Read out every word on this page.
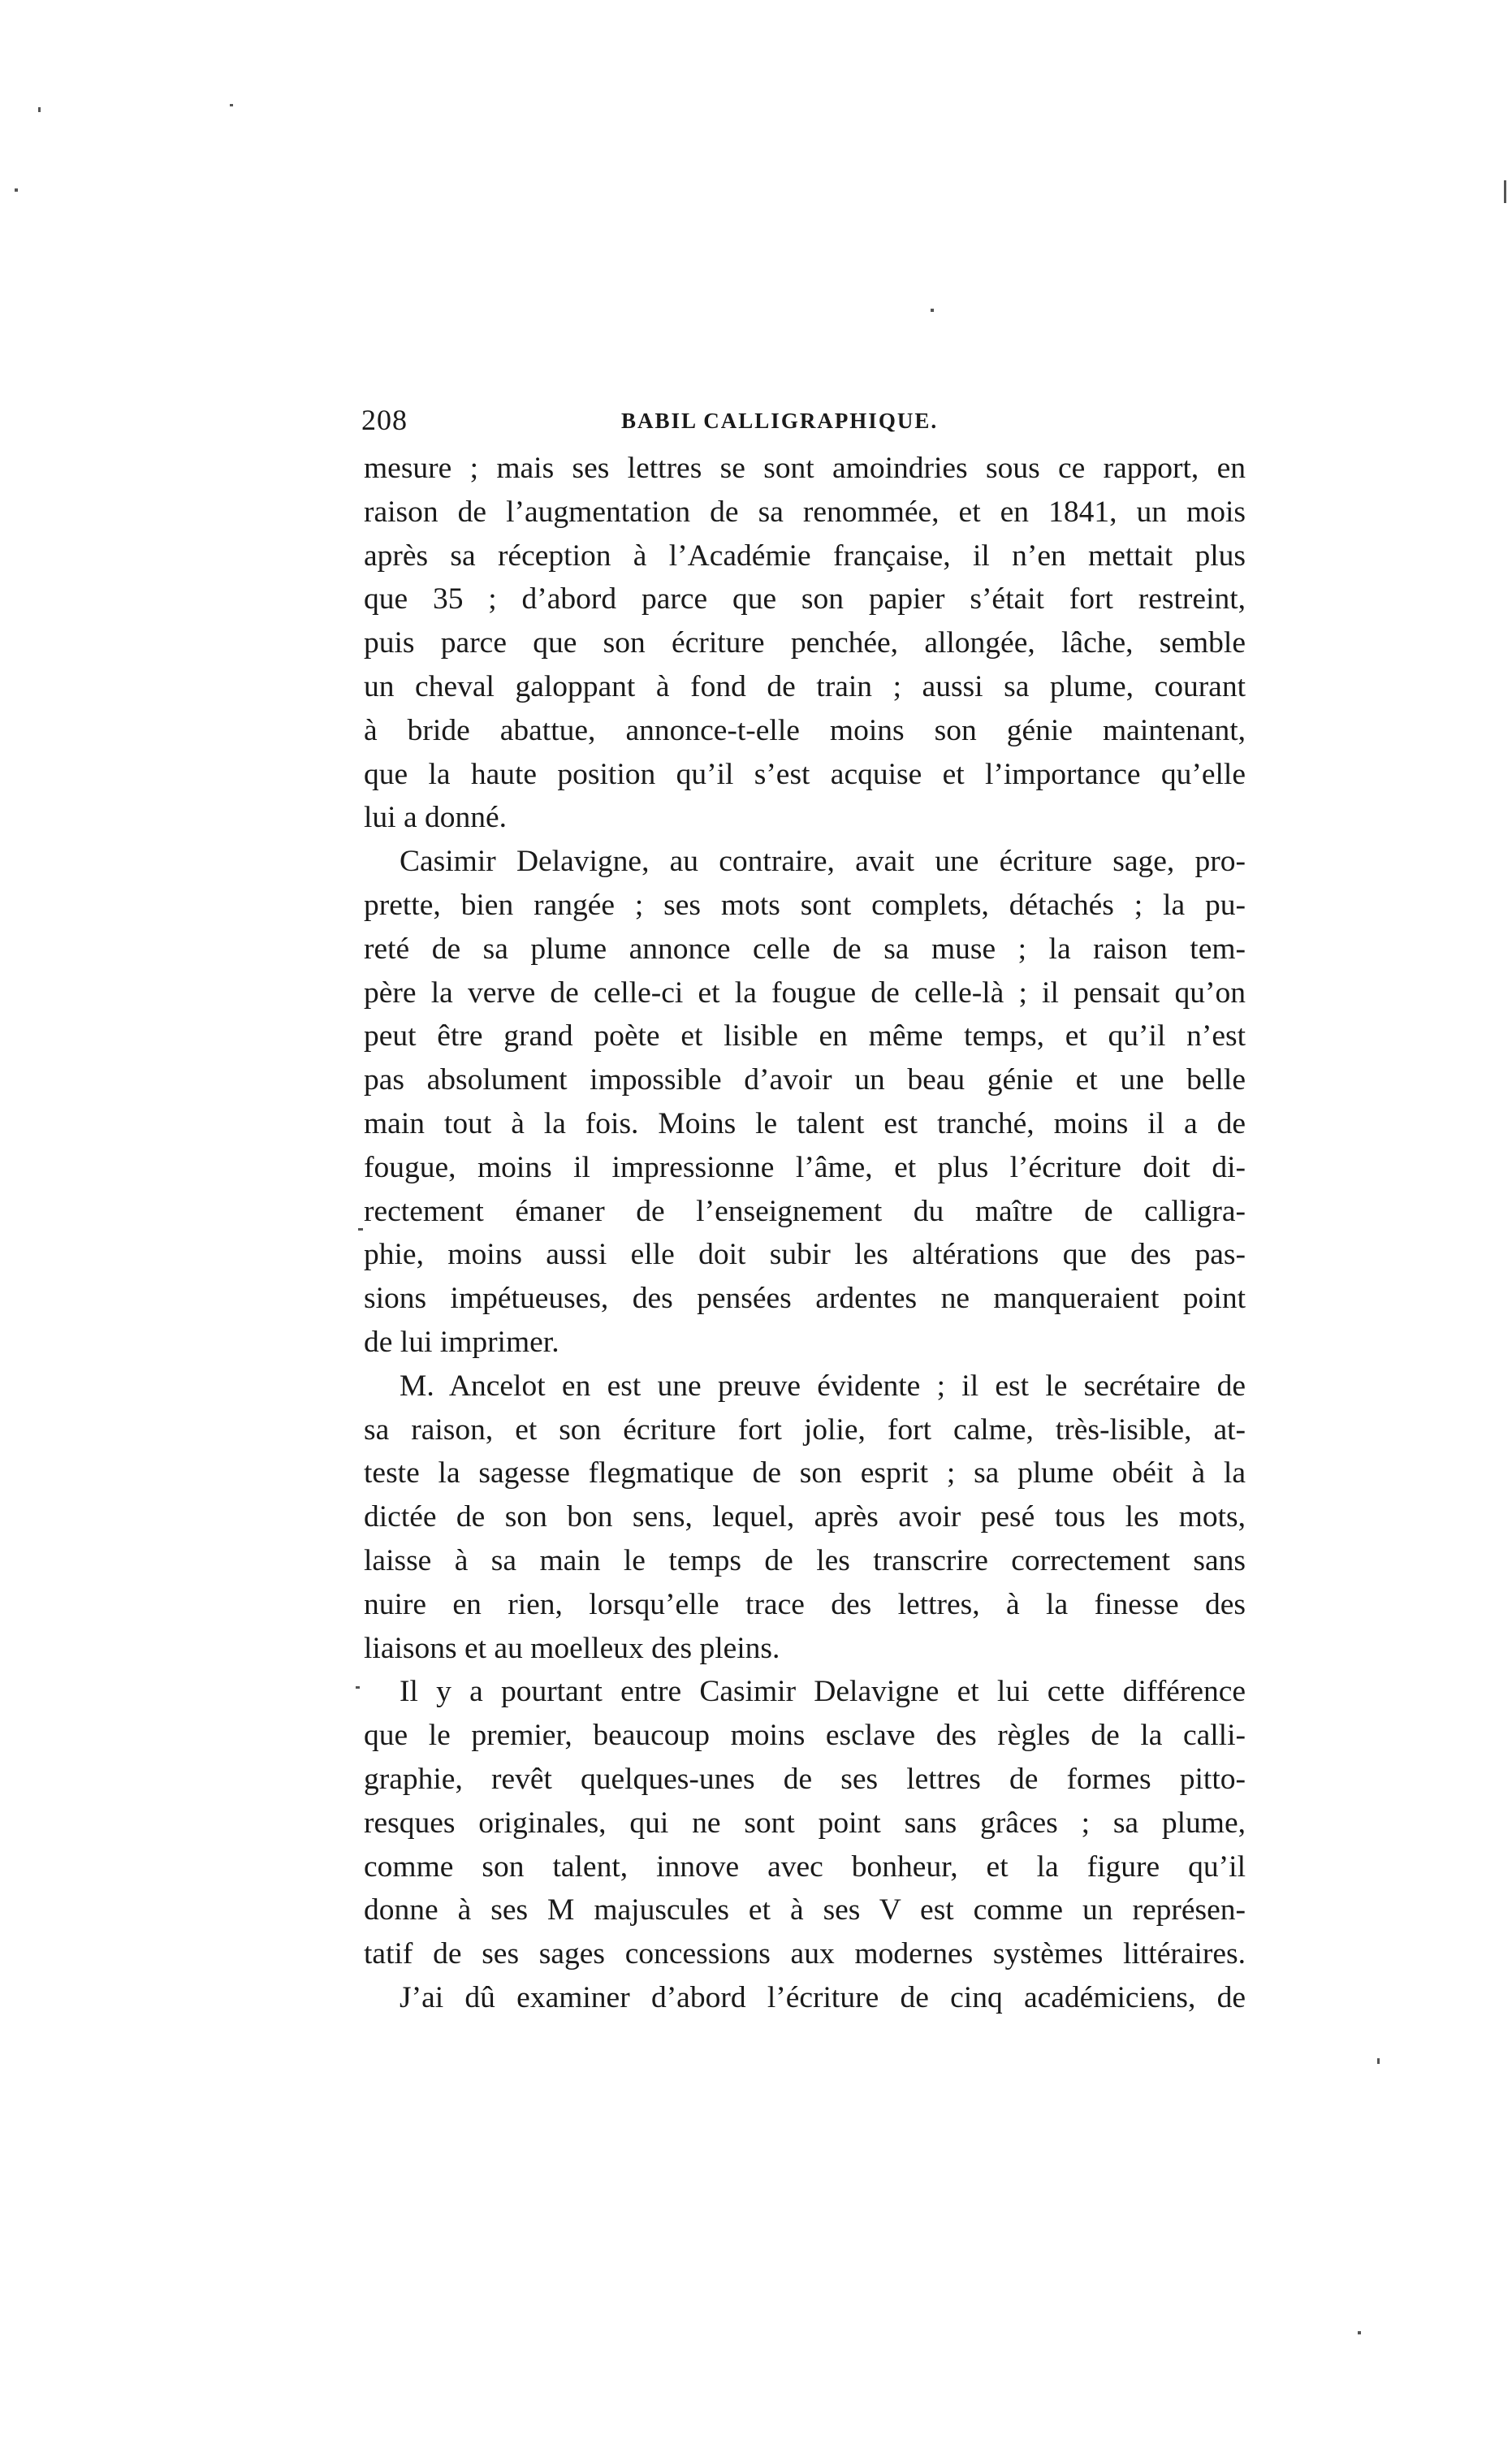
208	BABIL CALLIGRAPHIQUE.

mesure ; mais ses lettres se sont amoindries sous ce rapport, en
raison de l’augmentation de sa renommée, et en 1841, un mois
après sa réception à l’Académie française, il n’en mettait plus
que 35 ; d’abord parce que son papier s’était fort restreint,
puis parce que son écriture penchée, allongée, lâche, semble
un cheval galoppant à fond de train ; aussi sa plume, courant
à bride abattue, annonce-t-elle moins son génie maintenant,
que la haute position qu’il s’est acquise et l’importance qu’elle
lui a donné.

Casimir Delavigne, au contraire, avait une écriture sage, pro-
prette, bien rangée ; ses mots sont complets, détachés ; la pu-
reté de sa plume annonce celle de sa muse ; la raison tem-
père la verve de celle-ci et la fougue de celle-là ; il pensait qu’on
peut être grand poète et lisible en même temps, et qu’il n’est
pas absolument impossible d’avoir un beau génie et une belle
main tout à la fois. Moins le talent est tranché, moins il a de
fougue, moins il impressionne l’âme, et plus l’écriture doit di-
rectement émaner de l’enseignement du maître de calligra-
phie, moins aussi elle doit subir les altérations que des pas-
sions impétueuses, des pensées ardentes ne manqueraient point
de lui imprimer.

M. Ancelot en est une preuve évidente ; il est le secrétaire de
sa raison, et son écriture fort jolie, fort calme, très-lisible, at-
teste la sagesse flegmatique de son esprit ; sa plume obéit à la
dictée de son bon sens, lequel, après avoir pesé tous les mots,
laisse à sa main le temps de les transcrire correctement sans
nuire en rien, lorsqu’elle trace des lettres, à la finesse des
liaisons et au moelleux des pleins.

Il y a pourtant entre Casimir Delavigne et lui cette différence
que le premier, beaucoup moins esclave des règles de la calli-
graphie, revêt quelques-unes de ses lettres de formes pitto-
resques originales, qui ne sont point sans grâces ; sa plume,
comme son talent, innove avec bonheur, et la figure qu’il
donne à ses M majuscules et à ses V est comme un représen-
tatif de ses sages concessions aux modernes systèmes littéraires.

J’ai dû examiner d’abord l’écriture de cinq académiciens, de
